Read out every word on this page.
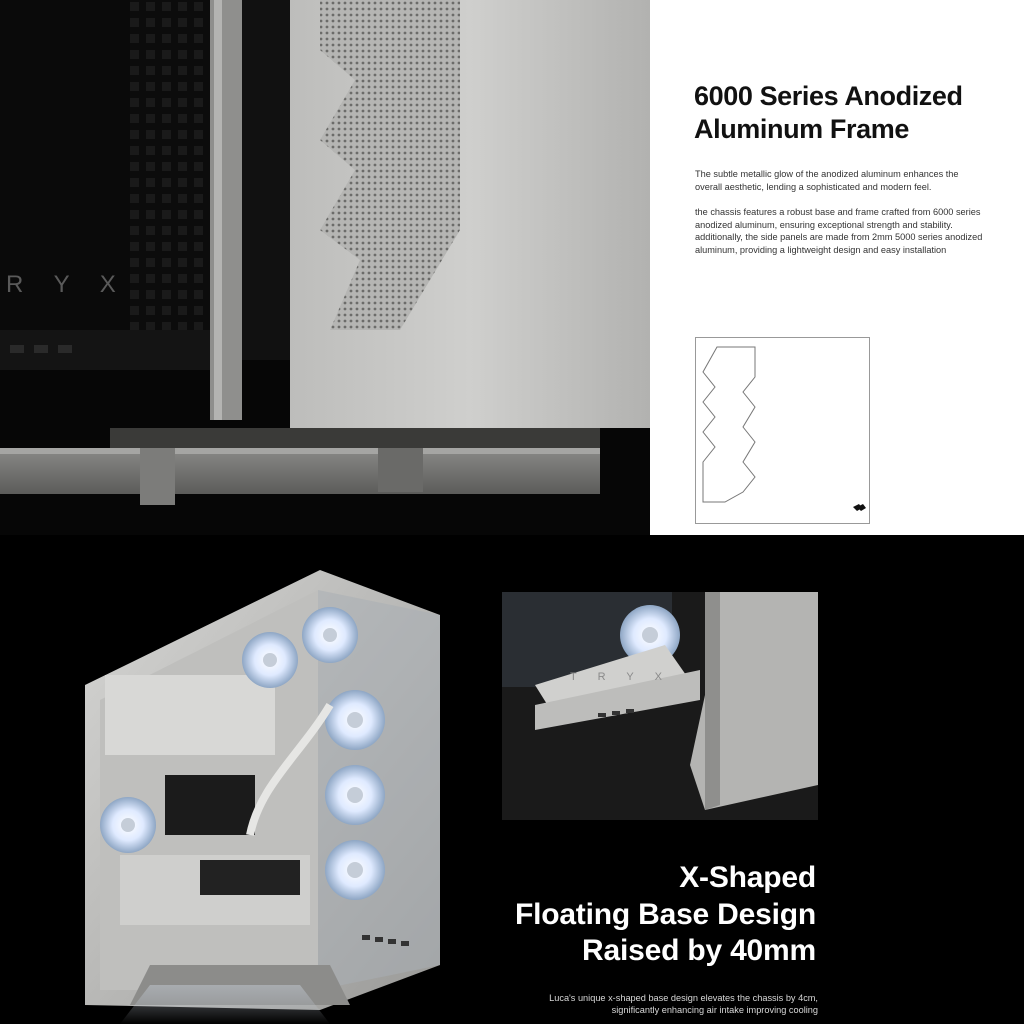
R Y X
6000 Series Anodized
Aluminum Frame
The subtle metallic glow of the anodized aluminum enhances the overall aesthetic, lending a sophisticated and modern feel.
the chassis features a robust base and frame crafted from 6000 series anodized aluminum, ensuring exceptional strength and stability. additionally, the side panels are made from 2mm 5000 series anodized aluminum, providing a lightweight design and easy installation
T R Y X
X-Shaped
Floating Base Design
Raised by 40mm
Luca's unique x-shaped base design elevates the chassis by 4cm, significantly enhancing air intake improving cooling
